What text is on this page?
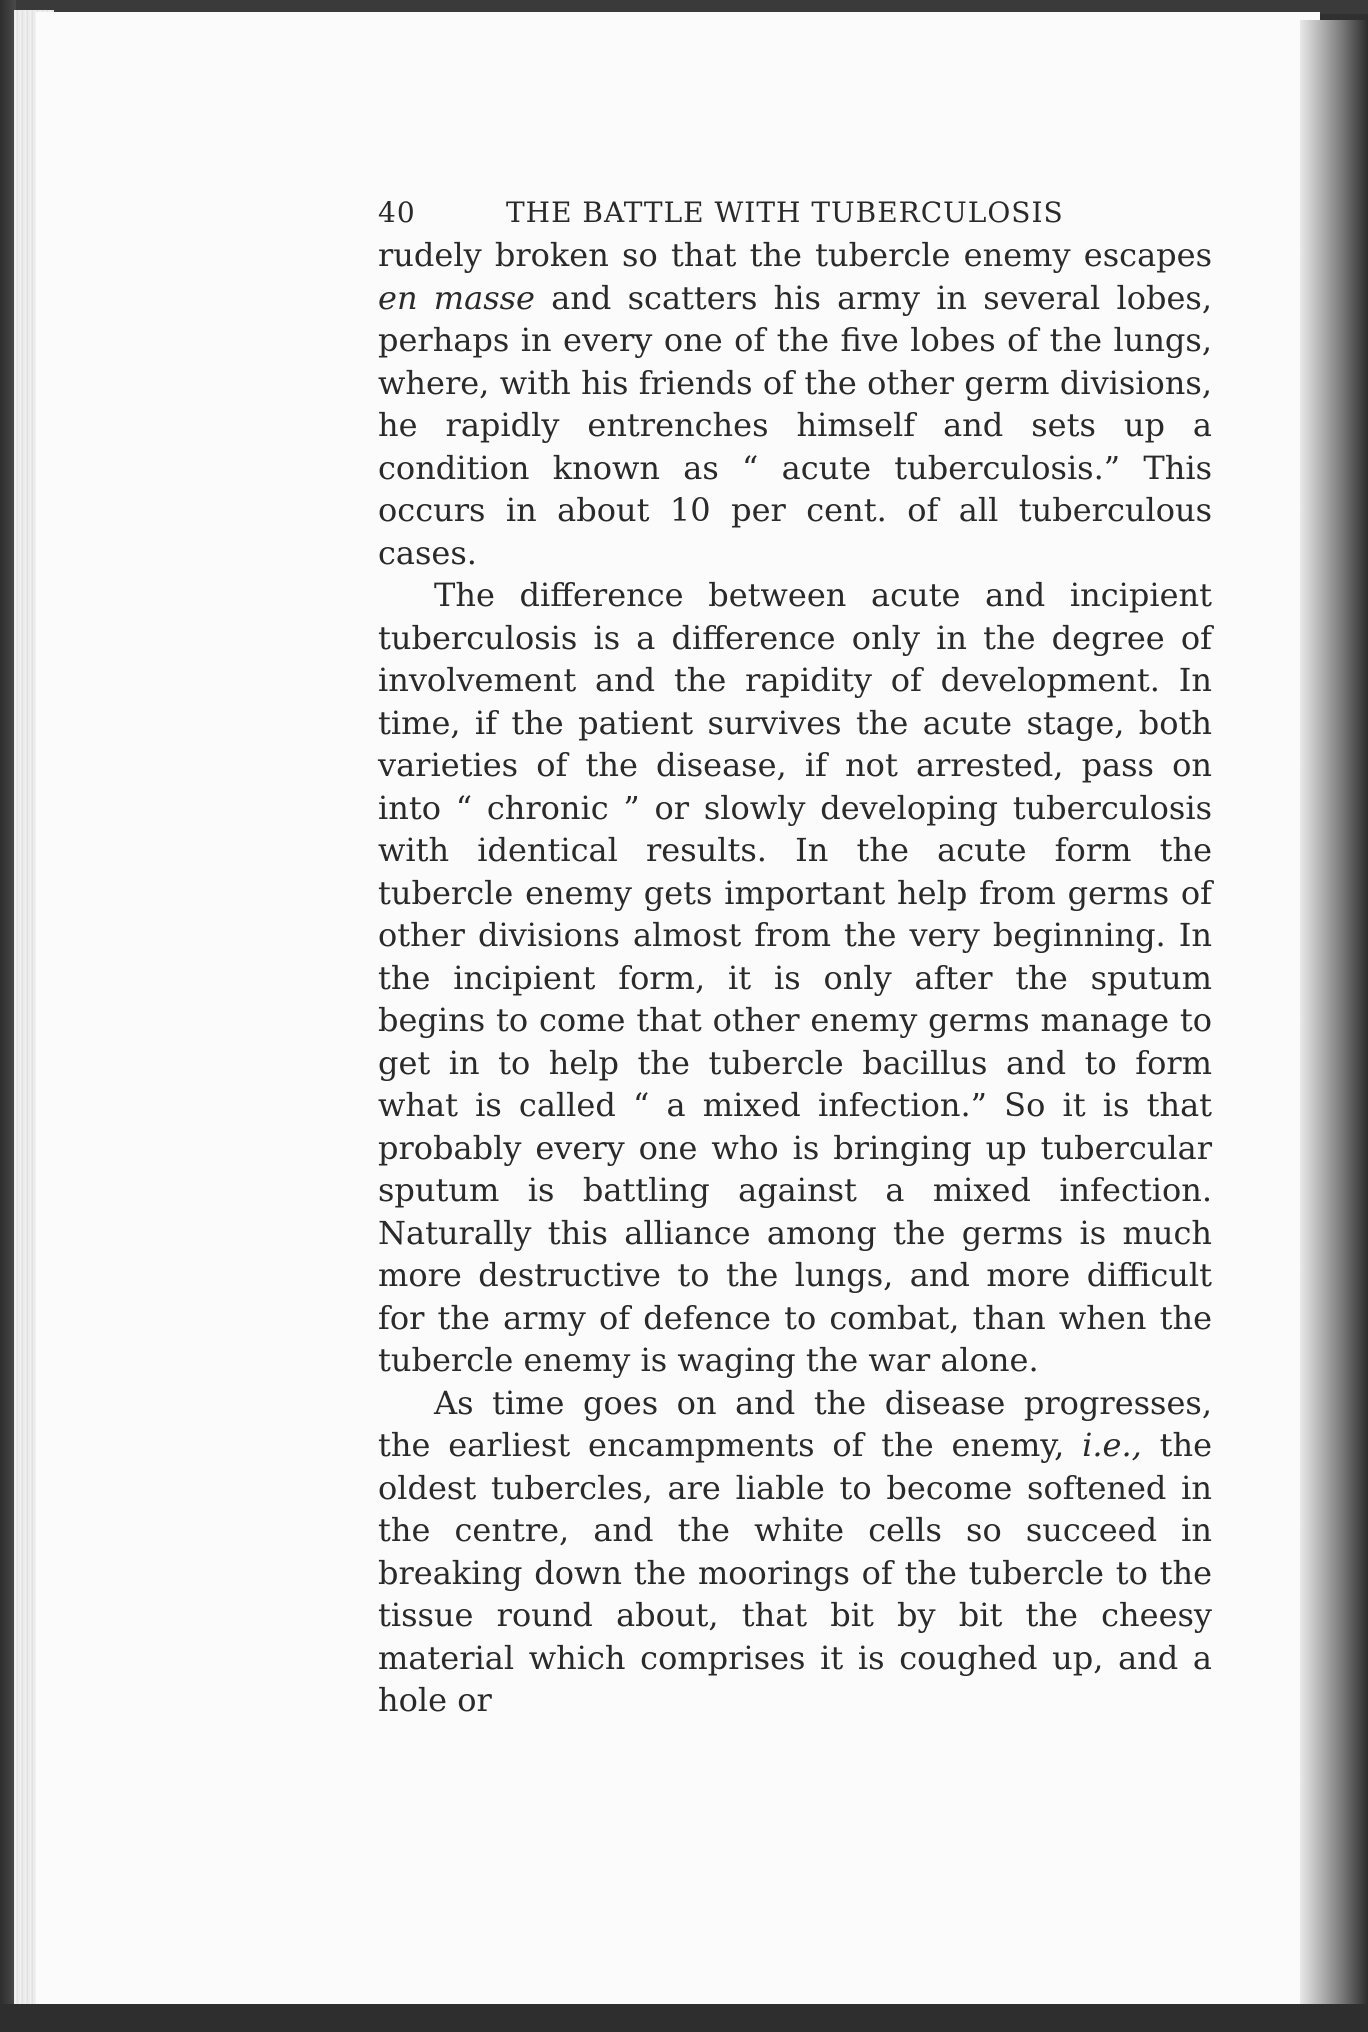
40	THE BATTLE WITH TUBERCULOSIS

rudely broken so that the tubercle enemy escapes en masse and scatters his army in several lobes, perhaps in every one of the five lobes of the lungs, where, with his friends of the other germ divisions, he rapidly entrenches himself and sets up a condition known as “ acute tuberculosis.” This occurs in about 10 per cent. of all tuberculous cases.

The difference between acute and incipient tuberculosis is a difference only in the degree of involvement and the rapidity of development. In time, if the patient survives the acute stage, both varieties of the disease, if not arrested, pass on into “ chronic ” or slowly developing tuberculosis with identical results. In the acute form the tubercle enemy gets important help from germs of other divisions almost from the very beginning. In the incipient form, it is only after the sputum begins to come that other enemy germs manage to get in to help the tubercle bacillus and to form what is called “ a mixed infection.” So it is that probably every one who is bringing up tubercular sputum is battling against a mixed infection. Naturally this alliance among the germs is much more destructive to the lungs, and more difficult for the army of defence to combat, than when the tubercle enemy is waging the war alone.

As time goes on and the disease progresses, the earliest encampments of the enemy, i.e., the oldest tubercles, are liable to become softened in the centre, and the white cells so succeed in breaking down the moorings of the tubercle to the tissue round about, that bit by bit the cheesy material which comprises it is coughed up, and a hole or
